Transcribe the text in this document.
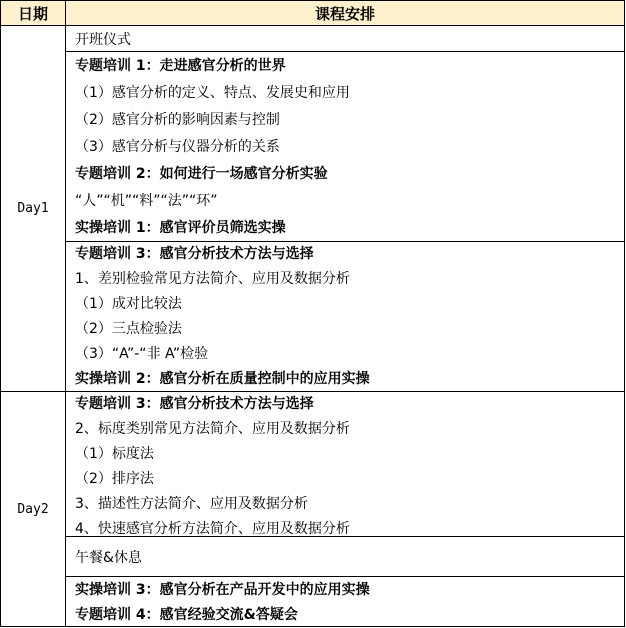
日期	课程安排
Day1
开班仪式
专题培训 1：走进感官分析的世界
（1）感官分析的定义、特点、发展史和应用
（2）感官分析的影响因素与控制
（3）感官分析与仪器分析的关系
专题培训 2：如何进行一场感官分析实验
“人”“机”“料”“法”“环”
实操培训 1：感官评价员筛选实操
专题培训 3：感官分析技术方法与选择
1、差别检验常见方法简介、应用及数据分析
（1）成对比较法
（2）三点检验法
（3）“A”-“非 A”检验
实操培训 2：感官分析在质量控制中的应用实操
Day2
专题培训 3：感官分析技术方法与选择
2、标度类别常见方法简介、应用及数据分析
（1）标度法
（2）排序法
3、描述性方法简介、应用及数据分析
4、快速感官分析方法简介、应用及数据分析
午餐&休息
实操培训 3：感官分析在产品开发中的应用实操
专题培训 4：感官经验交流&答疑会
